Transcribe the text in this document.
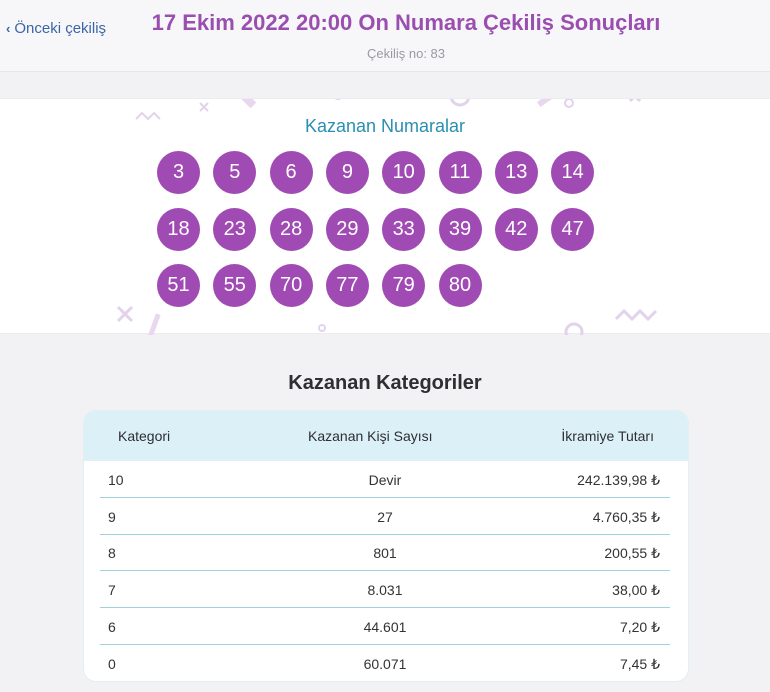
‹ Önceki çekiliş	17 Ekim 2022 20:00 On Numara Çekiliş Sonuçları
Çekiliş no: 83
Kazanan Numaralar
3	5	6	9	10	11	13	14
18	23	28	29	33	39	42	47
51	55	70	77	79	80
Kazanan Kategoriler
Kategori	Kazanan Kişi Sayısı	İkramiye Tutarı
10	Devir	242.139,98 ₺
9	27	4.760,35 ₺
8	801	200,55 ₺
7	8.031	38,00 ₺
6	44.601	7,20 ₺
0	60.071	7,45 ₺
